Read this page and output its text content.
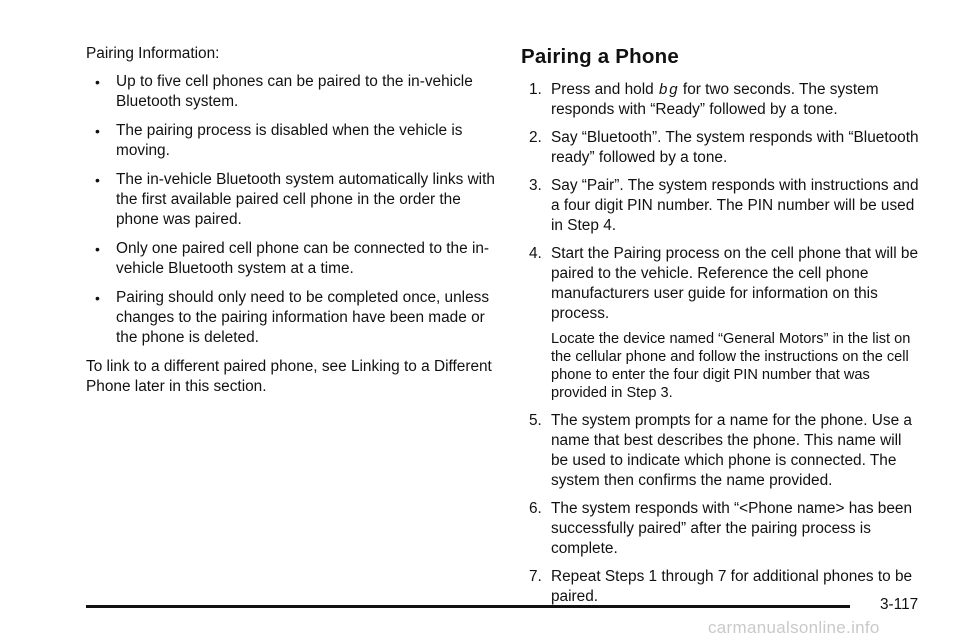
Pairing Information:

• Up to five cell phones can be paired to the in-vehicle Bluetooth system.
• The pairing process is disabled when the vehicle is moving.
• The in-vehicle Bluetooth system automatically links with the first available paired cell phone in the order the phone was paired.
• Only one paired cell phone can be connected to the in-vehicle Bluetooth system at a time.
• Pairing should only need to be completed once, unless changes to the pairing information have been made or the phone is deleted.

To link to a different paired phone, see Linking to a Different Phone later in this section.

Pairing a Phone
1. Press and hold b g for two seconds. The system responds with “Ready” followed by a tone.
2. Say “Bluetooth”. The system responds with “Bluetooth ready” followed by a tone.
3. Say “Pair”. The system responds with instructions and a four digit PIN number. The PIN number will be used in Step 4.
4. Start the Pairing process on the cell phone that will be paired to the vehicle. Reference the cell phone manufacturers user guide for information on this process.

Locate the device named “General Motors” in the list on the cellular phone and follow the instructions on the cell phone to enter the four digit PIN number that was provided in Step 3.

5. The system prompts for a name for the phone. Use a name that best describes the phone. This name will be used to indicate which phone is connected. The system then confirms the name provided.
6. The system responds with “<Phone name> has been successfully paired” after the pairing process is complete.
7. Repeat Steps 1 through 7 for additional phones to be paired.	3-117
carmanualsonline.info
